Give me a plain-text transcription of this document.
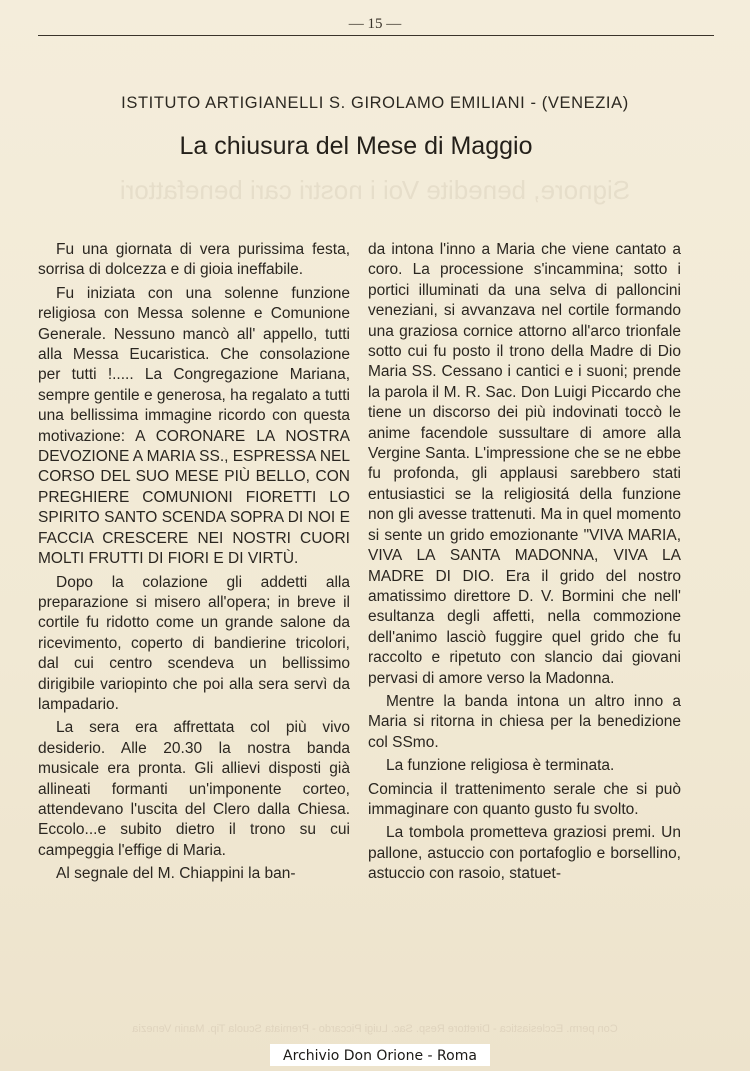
— 15 —
Signore, benedite Voi i nostri cari benefattori
ISTITUTO ARTIGIANELLI S. GIROLAMO EMILIANI - (VENEZIA)
La chiusura del Mese di Maggio

Fu una giornata di vera purissima festa, sorrisa di dolcezza e di gioia ineffabile.

Fu iniziata con una solenne funzione religiosa con Messa solenne e Comunione Generale. Nessuno mancò all' appello, tutti alla Messa Eucaristica. Che consolazione per tutti !..... La Congregazione Mariana, sempre gentile e generosa, ha regalato a tutti una bellissima immagine ricordo con questa motivazione: A CORONARE LA NOSTRA DEVOZIONE A MARIA SS., ESPRESSA NEL CORSO DEL SUO MESE PIÙ BELLO, CON PREGHIERE COMUNIONI FIORETTI LO SPIRITO SANTO SCENDA SOPRA DI NOI E FACCIA CRESCERE NEI NOSTRI CUORI MOLTI FRUTTI DI FIORI E DI VIRTÙ.

Dopo la colazione gli addetti alla preparazione si misero all'opera; in breve il cortile fu ridotto come un grande salone da ricevimento, coperto di bandierine tricolori, dal cui centro scendeva un bellissimo dirigibile variopinto che poi alla sera servì da lampadario.

La sera era affrettata col più vivo desiderio. Alle 20.30 la nostra banda musicale era pronta. Gli allievi disposti già allineati formanti un'imponente corteo, attendevano l'uscita del Clero dalla Chiesa. Eccolo...e subito dietro il trono su cui campeggia l'effige di Maria.

Al segnale del M. Chiappini la ban-

da intona l'inno a Maria che viene cantato a coro. La processione s'incammina; sotto i portici illuminati da una selva di palloncini veneziani, si avvanzava nel cortile formando una graziosa cornice attorno all'arco trionfale sotto cui fu posto il trono della Madre di Dio Maria SS. Cessano i cantici e i suoni; prende la parola il M. R. Sac. Don Luigi Piccardo che tiene un discorso dei più indovinati toccò le anime facendole sussultare di amore alla Vergine Santa. L'impressione che se ne ebbe fu profonda, gli applausi sarebbero stati entusiastici se la religiositá della funzione non gli avesse trattenuti. Ma in quel momento si sente un grido emozionante "VIVA MARIA, VIVA LA SANTA MADONNA, VIVA LA MADRE DI DIO. Era il grido del nostro amatissimo direttore D. V. Bormini che nell' esultanza degli affetti, nella commozione dell'animo lasciò fuggire quel grido che fu raccolto e ripetuto con slancio dai giovani pervasi di amore verso la Madonna.

Mentre la banda intona un altro inno a Maria si ritorna in chiesa per la benedizione col SSmo.

La funzione religiosa è terminata.

Comincia il trattenimento serale che si può immaginare con quanto gusto fu svolto.

La tombola prometteva graziosi premi. Un pallone, astuccio con portafoglio e borsellino, astuccio con rasoio, statuet-

Con perm. Ecclesiastica - Direttore Resp. Sac. Luigi Piccardo - Premiata Scuola Tip. Manin Venezia
Archivio Don Orione - Roma
